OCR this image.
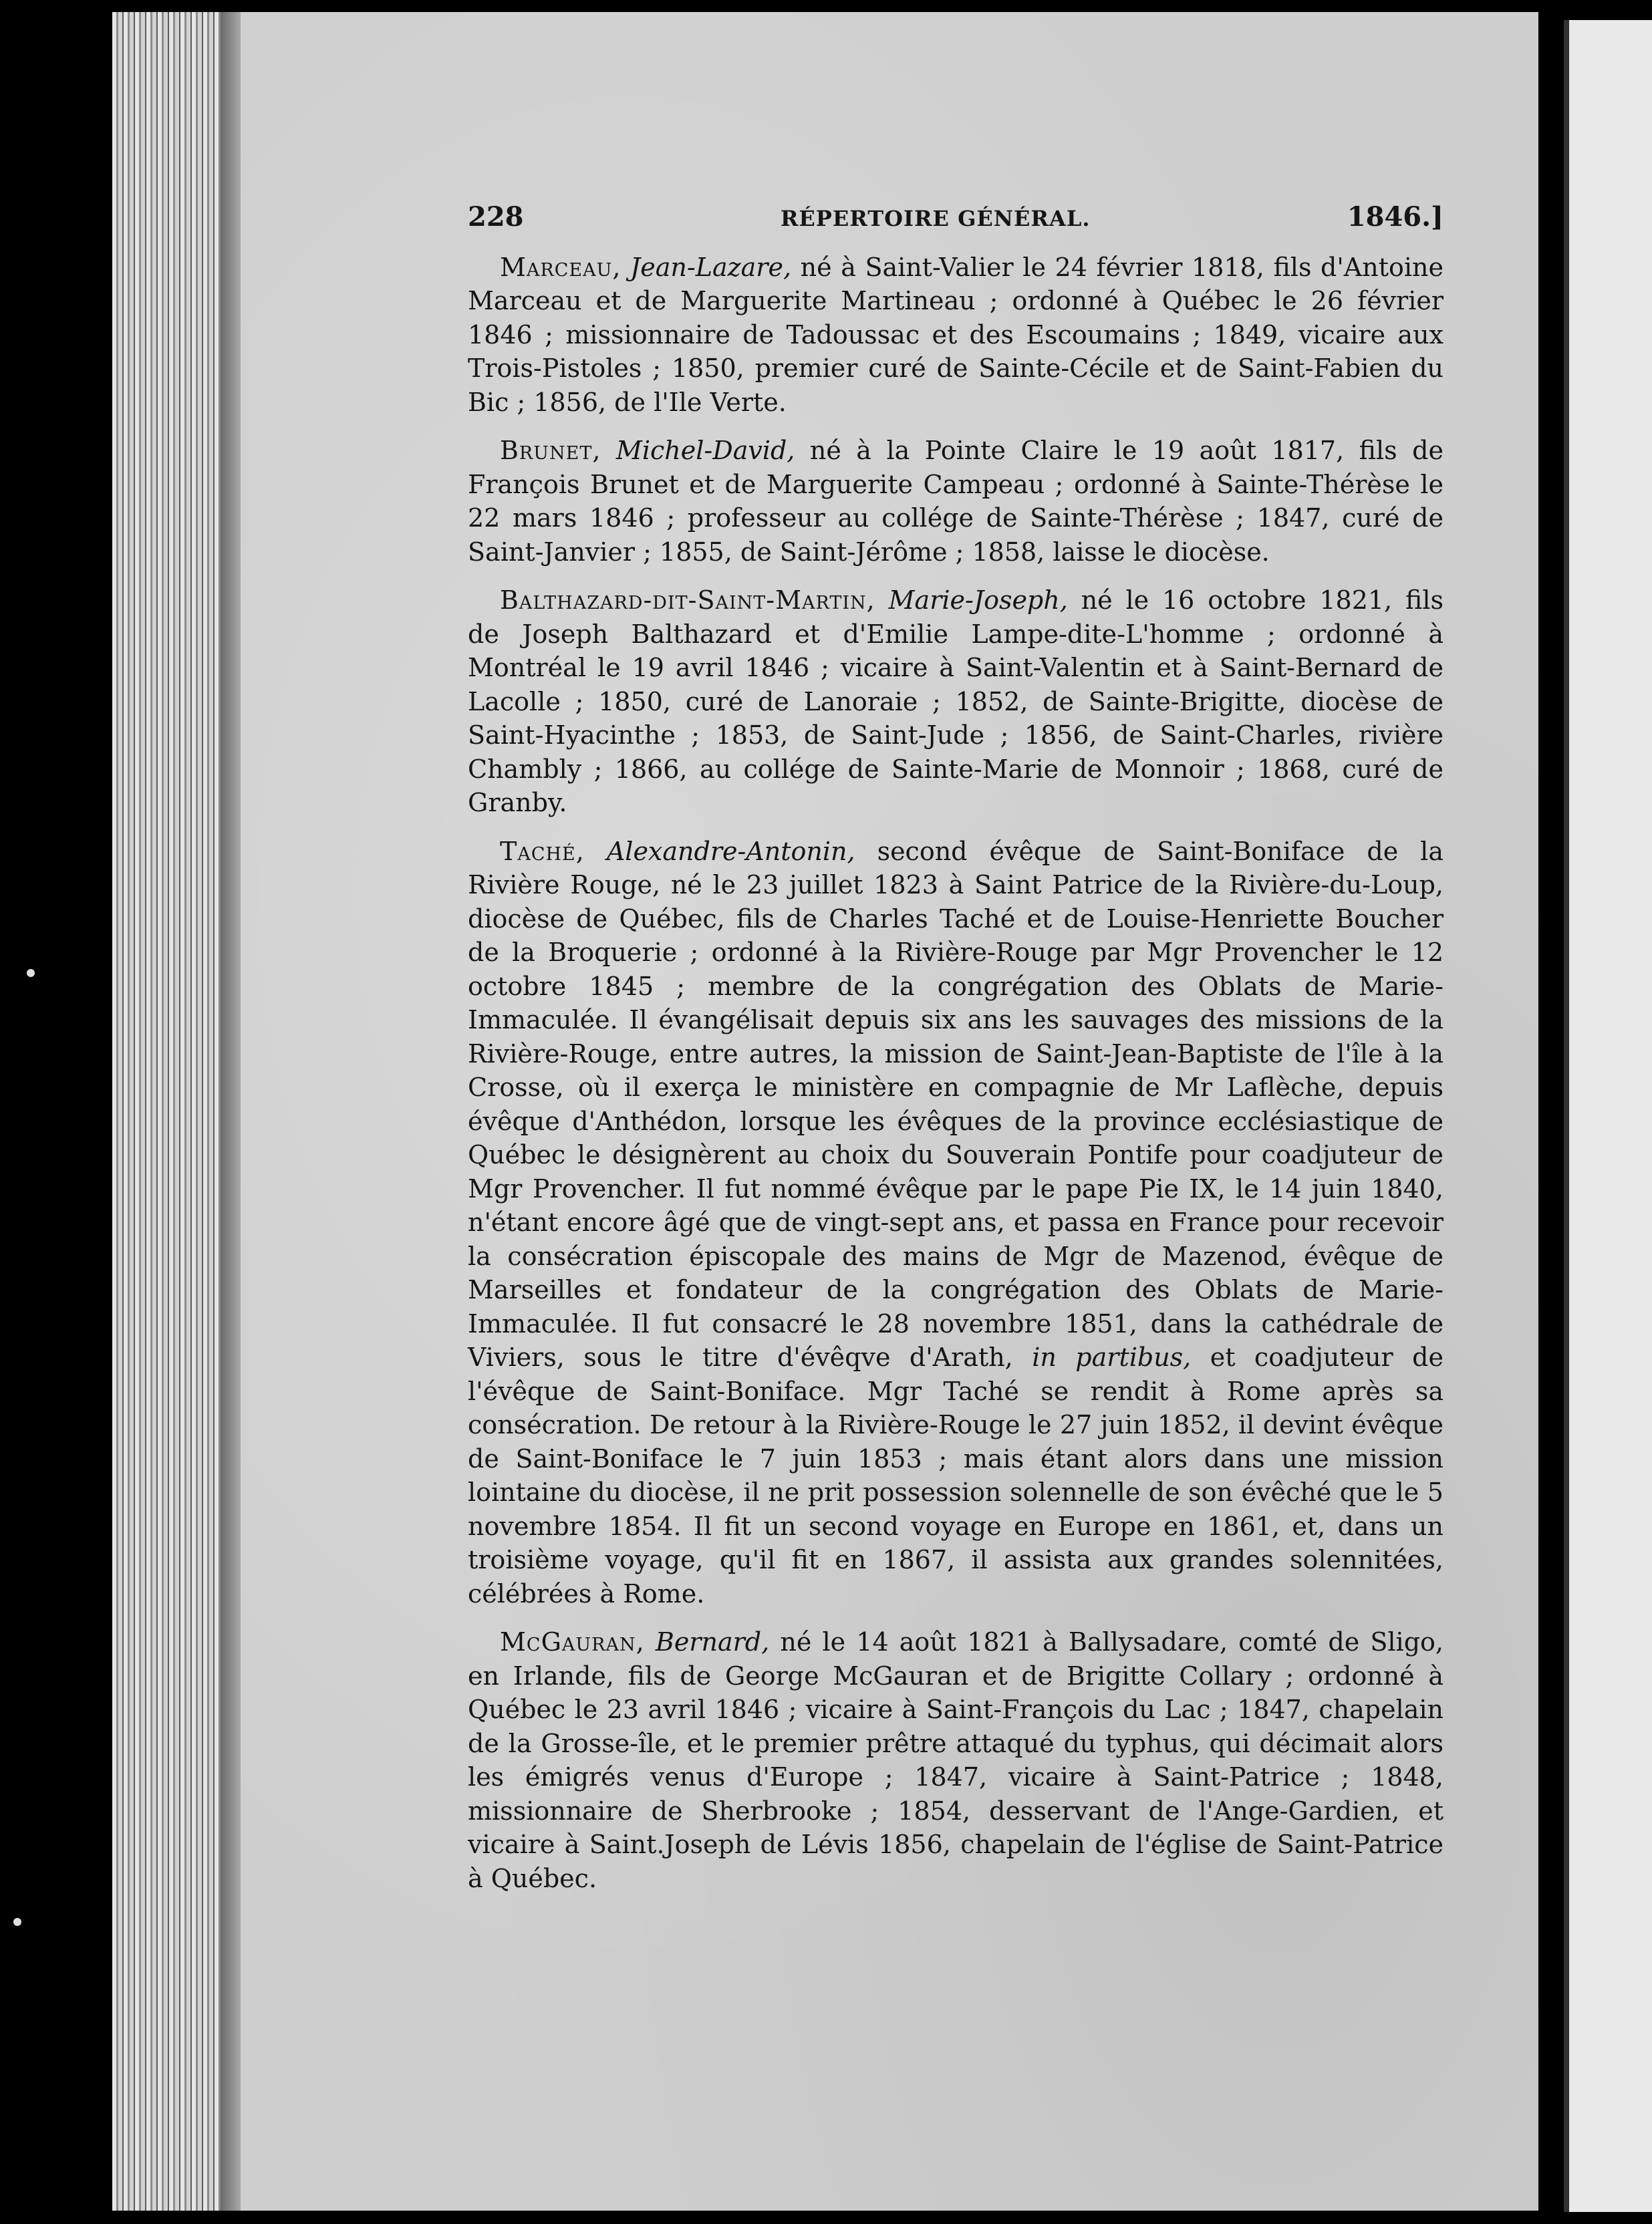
228	RÉPERTOIRE GÉNÉRAL.	1846.]

Marceau, Jean-Lazare, né à Saint-Valier le 24 février 1818, fils d'Antoine Marceau et de Marguerite Martineau ; ordonné à Québec le 26 février 1846 ; missionnaire de Tadoussac et des Escoumains ; 1849, vicaire aux Trois-Pistoles ; 1850, premier curé de Sainte-Cécile et de Saint-Fabien du Bic ; 1856, de l'Ile Verte.

Brunet, Michel-David, né à la Pointe Claire le 19 août 1817, fils de François Brunet et de Marguerite Campeau ; ordonné à Sainte-Thérèse le 22 mars 1846 ; professeur au collége de Sainte-Thérèse ; 1847, curé de Saint-Janvier ; 1855, de Saint-Jérôme ; 1858, laisse le diocèse.

Balthazard-dit-Saint-Martin, Marie-Joseph, né le 16 octobre 1821, fils de Joseph Balthazard et d'Emilie Lampe-dite-L'homme ; ordonné à Montréal le 19 avril 1846 ; vicaire à Saint-Valentin et à Saint-Bernard de Lacolle ; 1850, curé de Lanoraie ; 1852, de Sainte-Brigitte, diocèse de Saint-Hyacinthe ; 1853, de Saint-Jude ; 1856, de Saint-Charles, rivière Chambly ; 1866, au collége de Sainte-Marie de Monnoir ; 1868, curé de Granby.

Taché, Alexandre-Antonin, second évêque de Saint-Boniface de la Rivière Rouge, né le 23 juillet 1823 à Saint Patrice de la Rivière-du-Loup, diocèse de Québec, fils de Charles Taché et de Louise-Henriette Boucher de la Broquerie ; ordonné à la Rivière-Rouge par Mgr Provencher le 12 octobre 1845 ; membre de la congrégation des Oblats de Marie-Immaculée. Il évangélisait depuis six ans les sauvages des missions de la Rivière-Rouge, entre autres, la mission de Saint-Jean-Baptiste de l'île à la Crosse, où il exerça le ministère en compagnie de Mr Laflèche, depuis évêque d'Anthédon, lorsque les évêques de la province ecclésiastique de Québec le désignèrent au choix du Souverain Pontife pour coadjuteur de Mgr Provencher. Il fut nommé évêque par le pape Pie IX, le 14 juin 1840, n'étant encore âgé que de vingt-sept ans, et passa en France pour recevoir la consécration épiscopale des mains de Mgr de Mazenod, évêque de Marseilles et fondateur de la congrégation des Oblats de Marie-Immaculée. Il fut consacré le 28 novembre 1851, dans la cathédrale de Viviers, sous le titre d'évêqve d'Arath, in partibus, et coadjuteur de l'évêque de Saint-Boniface. Mgr Taché se rendit à Rome après sa consécration. De retour à la Rivière-Rouge le 27 juin 1852, il devint évêque de Saint-Boniface le 7 juin 1853 ; mais étant alors dans une mission lointaine du diocèse, il ne prit possession solennelle de son évêché que le 5 novembre 1854. Il fit un second voyage en Europe en 1861, et, dans un troisième voyage, qu'il fit en 1867, il assista aux grandes solennitées, célébrées à Rome.

McGauran, Bernard, né le 14 août 1821 à Ballysadare, comté de Sligo, en Irlande, fils de George McGauran et de Brigitte Collary ; ordonné à Québec le 23 avril 1846 ; vicaire à Saint-François du Lac ; 1847, chapelain de la Grosse-île, et le premier prêtre attaqué du typhus, qui décimait alors les émigrés venus d'Europe ; 1847, vicaire à Saint-Patrice ; 1848, missionnaire de Sherbrooke ; 1854, desservant de l'Ange-Gardien, et vicaire à Saint.Joseph de Lévis 1856, chapelain de l'église de Saint-Patrice à Québec.
